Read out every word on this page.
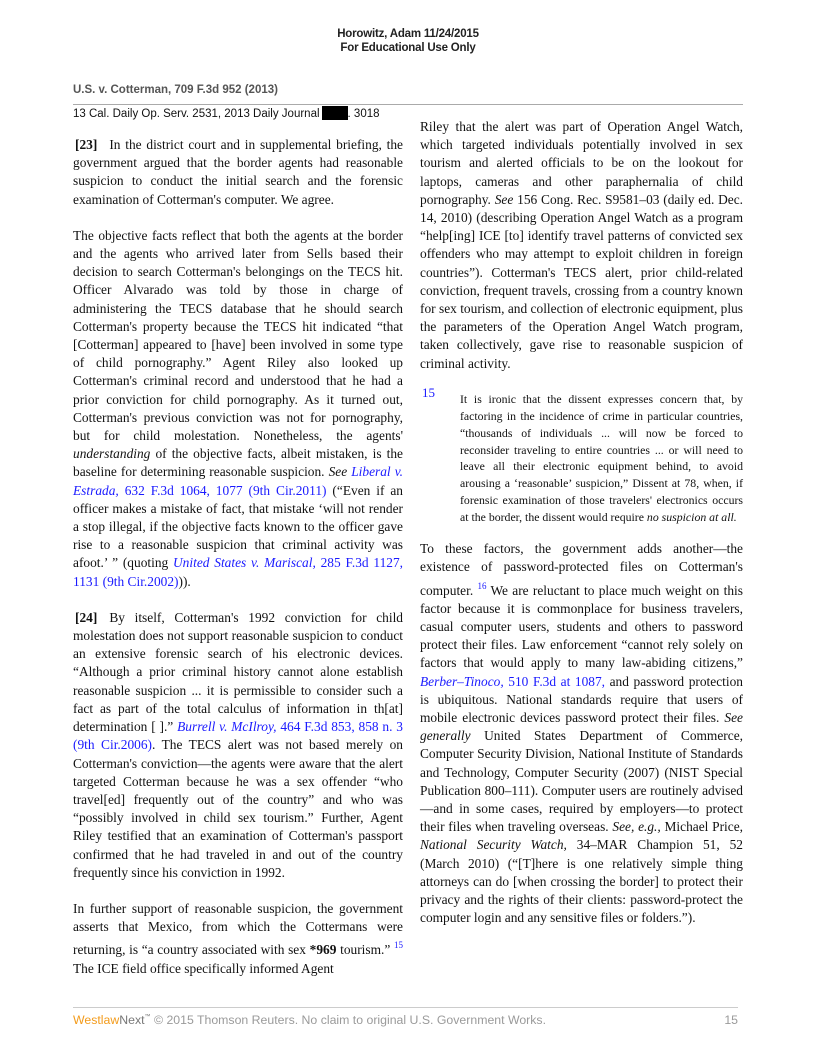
Horowitz, Adam 11/24/2015
For Educational Use Only
U.S. v. Cotterman, 709 F.3d 952 (2013)
13 Cal. Daily Op. Serv. 2531, 2013 Daily Journal . 3018

[23] In the district court and in supplemental briefing, the government argued that the border agents had reasonable suspicion to conduct the initial search and the forensic examination of Cotterman's computer. We agree.

The objective facts reflect that both the agents at the border and the agents who arrived later from Sells based their decision to search Cotterman's belongings on the TECS hit. Officer Alvarado was told by those in charge of administering the TECS database that he should search Cotterman's property because the TECS hit indicated “that [Cotterman] appeared to [have] been involved in some type of child pornography.” Agent Riley also looked up Cotterman's criminal record and understood that he had a prior conviction for child pornography. As it turned out, Cotterman's previous conviction was not for pornography, but for child molestation. Nonetheless, the agents' understanding of the objective facts, albeit mistaken, is the baseline for determining reasonable suspicion. See Liberal v. Estrada, 632 F.3d 1064, 1077 (9th Cir.2011) (“Even if an officer makes a mistake of fact, that mistake ‘will not render a stop illegal, if the objective facts known to the officer gave rise to a reasonable suspicion that criminal activity was afoot.’ ” (quoting United States v. Mariscal, 285 F.3d 1127, 1131 (9th Cir.2002))).

[24] By itself, Cotterman's 1992 conviction for child molestation does not support reasonable suspicion to conduct an extensive forensic search of his electronic devices. “Although a prior criminal history cannot alone establish reasonable suspicion ... it is permissible to consider such a fact as part of the total calculus of information in th[at] determination [ ].” Burrell v. McIlroy, 464 F.3d 853, 858 n. 3 (9th Cir.2006). The TECS alert was not based merely on Cotterman's conviction—the agents were aware that the alert targeted Cotterman because he was a sex offender “who travel[ed] frequently out of the country” and who was “possibly involved in child sex tourism.” Further, Agent Riley testified that an examination of Cotterman's passport confirmed that he had traveled in and out of the country frequently since his conviction in 1992.

In further support of reasonable suspicion, the government asserts that Mexico, from which the Cottermans were returning, is “a country associated with sex *969 tourism.” $^{15}$ The ICE field office specifically informed Agent

Riley that the alert was part of Operation Angel Watch, which targeted individuals potentially involved in sex tourism and alerted officials to be on the lookout for laptops, cameras and other paraphernalia of child pornography. See 156 Cong. Rec. S9581–03 (daily ed. Dec. 14, 2010) (describing Operation Angel Watch as a program “help[ing] ICE [to] identify travel patterns of convicted sex offenders who may attempt to exploit children in foreign countries”). Cotterman's TECS alert, prior child-related conviction, frequent travels, crossing from a country known for sex tourism, and collection of electronic equipment, plus the parameters of the Operation Angel Watch program, taken collectively, gave rise to reasonable suspicion of criminal activity.

15 It is ironic that the dissent expresses concern that, by factoring in the incidence of crime in particular countries, “thousands of individuals ... will now be forced to reconsider traveling to entire countries ... or will need to leave all their electronic equipment behind, to avoid arousing a ‘reasonable’ suspicion,” Dissent at 78, when, if forensic examination of those travelers' electronics occurs at the border, the dissent would require no suspicion at all.

To these factors, the government adds another—the existence of password-protected files on Cotterman's computer. $^{16}$ We are reluctant to place much weight on this factor because it is commonplace for business travelers, casual computer users, students and others to password protect their files. Law enforcement “cannot rely solely on factors that would apply to many law-abiding citizens,” Berber–Tinoco, 510 F.3d at 1087, and password protection is ubiquitous. National standards require that users of mobile electronic devices password protect their files. See generally United States Department of Commerce, Computer Security Division, National Institute of Standards and Technology, Computer Security (2007) (NIST Special Publication 800–111). Computer users are routinely advised—and in some cases, required by employers—to protect their files when traveling overseas. See, e.g., Michael Price, National Security Watch, 34–MAR Champion 51, 52 (March 2010) (“[T]here is one relatively simple thing attorneys can do [when crossing the border] to protect their privacy and the rights of their clients: password-protect the computer login and any sensitive files or folders.”).

WestlawNext™ © 2015 Thomson Reuters. No claim to original U.S. Government Works.	15
